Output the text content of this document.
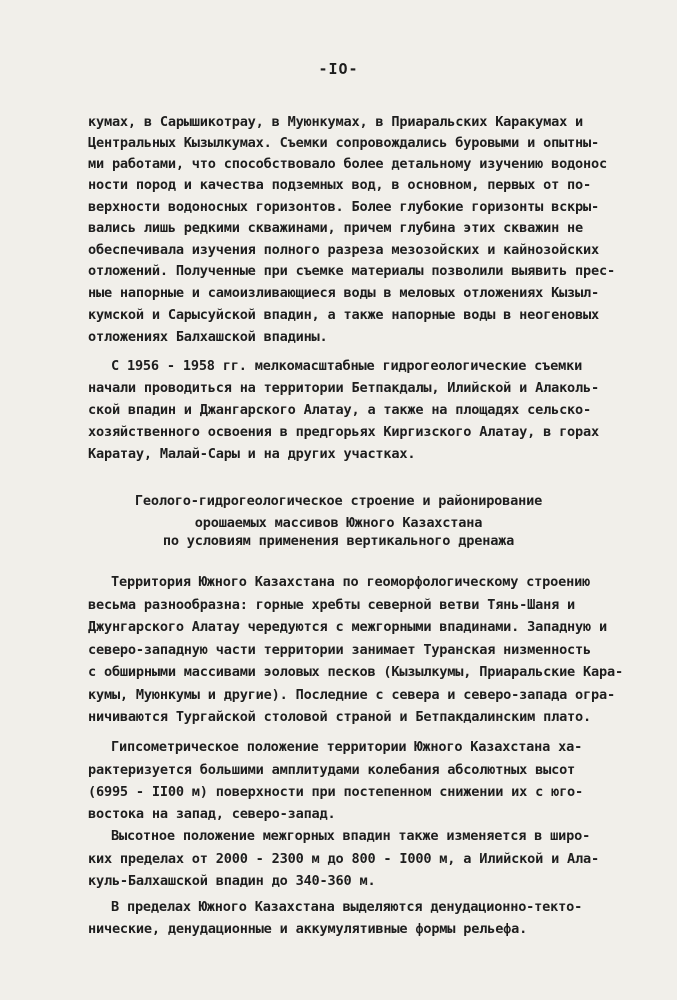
-IO-
кумах, в Сарышикотрау, в Муюнкумах, в Приаральских Каракумах и
Центральных Кызылкумах. Съемки сопровождались буровыми и опытны-
ми работами, что способствовало более детальному изучению водонос
ности пород и качества подземных вод, в основном, первых от по-
верхности водоносных горизонтов. Более глубокие горизонты вскры-
вались лишь редкими скважинами, причем глубина этих скважин не
обеспечивала изучения полного разреза мезозойских и кайнозойских
отложений. Полученные при съемке материалы позволили выявить прес-
ные напорные и самоизливающиеся воды в меловых отложениях Кызыл-
кумской и Сарысуйской впадин, а также напорные воды в неогеновых
отложениях Балхашской впадины.
С 1956 - 1958 гг. мелкомасштабные гидрогеологические съемки
начали проводиться на территории Бетпакдалы, Илийской и Алаколь-
ской впадин и Джангарского Алатау, а также на площадях сельско-
хозяйственного освоения в предгорьях Киргизского Алатау, в горах
Каратау, Малай-Сары и на других участках.
Геолого-гидрогеологическое строение и районирование
орошаемых массивов Южного Казахстана
по условиям применения вертикального дренажа
Территория Южного Казахстана по геоморфологическому строению
весьма разнообразна: горные хребты северной ветви Тянь-Шаня и
Джунгарского Алатау чередуются с межгорными впадинами. Западную и
северо-западную части территории занимает Туранская низменность
с обширными массивами эоловых песков (Кызылкумы, Приаральские Кара-
кумы, Муюнкумы и другие). Последние с севера и северо-запада огра-
ничиваются Тургайской столовой страной и Бетпакдалинским плато.
Гипсометрическое положение территории Южного Казахстана ха-
рактеризуется большими амплитудами колебания абсолютных высот
(6995 - II00 м) поверхности при постепенном снижении их с юго-
востока на запад, северо-запад.
Высотное положение межгорных впадин также изменяется в широ-
ких пределах от 2000 - 2300 м до 800 - I000 м, а Илийской и Ала-
куль-Балхашской впадин до 340-360 м.
В пределах Южного Казахстана выделяются денудационно-текто-
нические, денудационные и аккумулятивные формы рельефа.
